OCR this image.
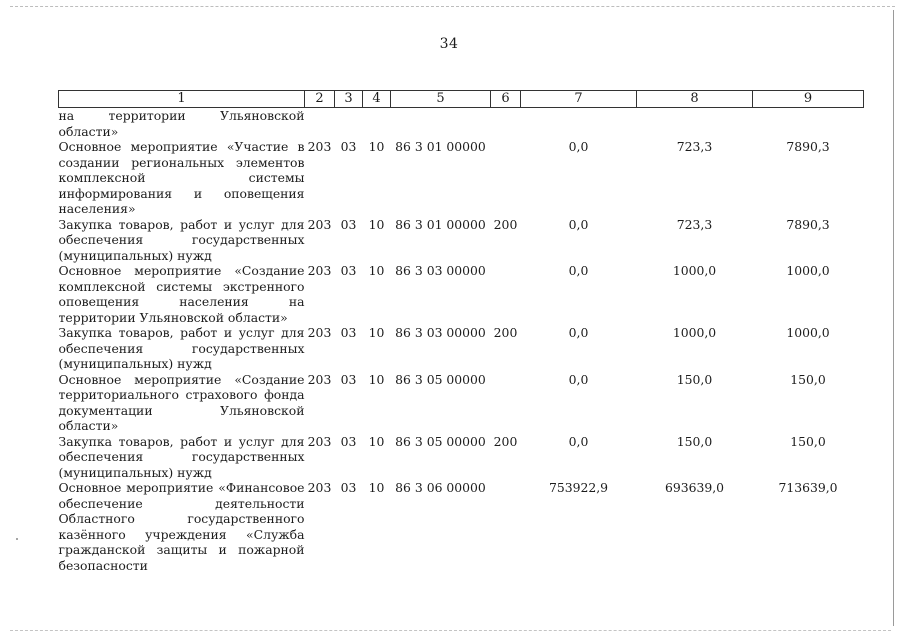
34
1	2	3	4	5	6	7	8	9
на территории Ульяновской области»								
Основное мероприятие «Участие в создании региональных элементов комплексной системы информирования и оповещения населения»	203	03	10	86 3 01 00000		0,0	723,3	7890,3
Закупка товаров, работ и услуг для обеспечения государственных (муниципальных) нужд	203	03	10	86 3 01 00000	200	0,0	723,3	7890,3
Основное мероприятие «Создание комплексной системы экстренного оповещения населения на территории Ульяновской области»	203	03	10	86 3 03 00000		0,0	1000,0	1000,0
Закупка товаров, работ и услуг для обеспечения государственных (муниципальных) нужд	203	03	10	86 3 03 00000	200	0,0	1000,0	1000,0
Основное мероприятие «Создание территориального страхового фонда документации Ульяновской области»	203	03	10	86 3 05 00000		0,0	150,0	150,0
Закупка товаров, работ и услуг для обеспечения государственных (муниципальных) нужд	203	03	10	86 3 05 00000	200	0,0	150,0	150,0
Основное мероприятие «Финансовое обеспечение деятельности Областного государственного казённого учреждения «Служба гражданской защиты и пожарной безопасности	203	03	10	86 3 06 00000		753922,9	693639,0	713639,0
